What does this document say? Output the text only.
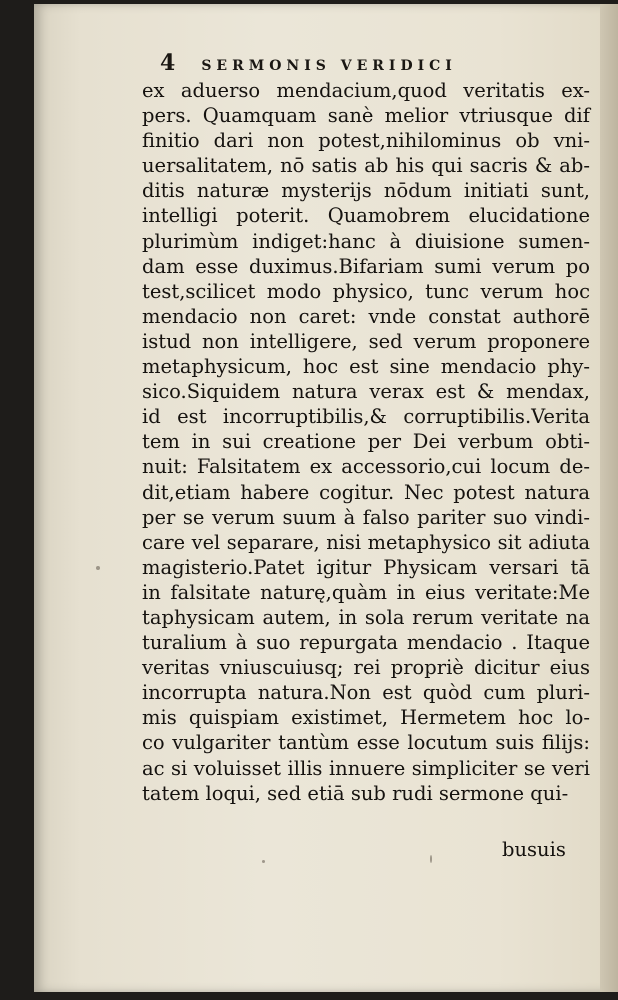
4 SERMONIS VERIDICI
ex aduerso mendacium,quod veritatis ex-
pers. Quamquam sanè melior vtriusque dif
finitio dari non potest,nihilominus ob vni-
uersalitatem, nō satis ab his qui sacris & ab-
ditis naturæ mysterijs nōdum initiati sunt,
intelligi poterit. Quamobrem elucidatione
plurimùm indiget:hanc à diuisione sumen-
dam esse duximus.Bifariam sumi verum po
test,scilicet modo physico, tunc verum hoc
mendacio non caret: vnde constat authorē
istud non intelligere, sed verum proponere
metaphysicum, hoc est sine mendacio phy-
sico.Siquidem natura verax est & mendax,
id est incorruptibilis,& corruptibilis.Verita
tem in sui creatione per Dei verbum obti-
nuit: Falsitatem ex accessorio,cui locum de-
dit,etiam habere cogitur. Nec potest natura
per se verum suum à falso pariter suo vindi-
care vel separare, nisi metaphysico sit adiuta
magisterio.Patet igitur Physicam versari tā
in falsitate naturę,quàm in eius veritate:Me
taphysicam autem, in sola rerum veritate na
turalium à suo repurgata mendacio . Itaque
veritas vniuscuiusq; rei propriè dicitur eius
incorrupta natura.Non est quòd cum pluri-
mis quispiam existimet, Hermetem hoc lo-
co vulgariter tantùm esse locutum suis filijs:
ac si voluisset illis innuere simpliciter se veri
tatem loqui, sed etiā sub rudi sermone qui-
busuis
